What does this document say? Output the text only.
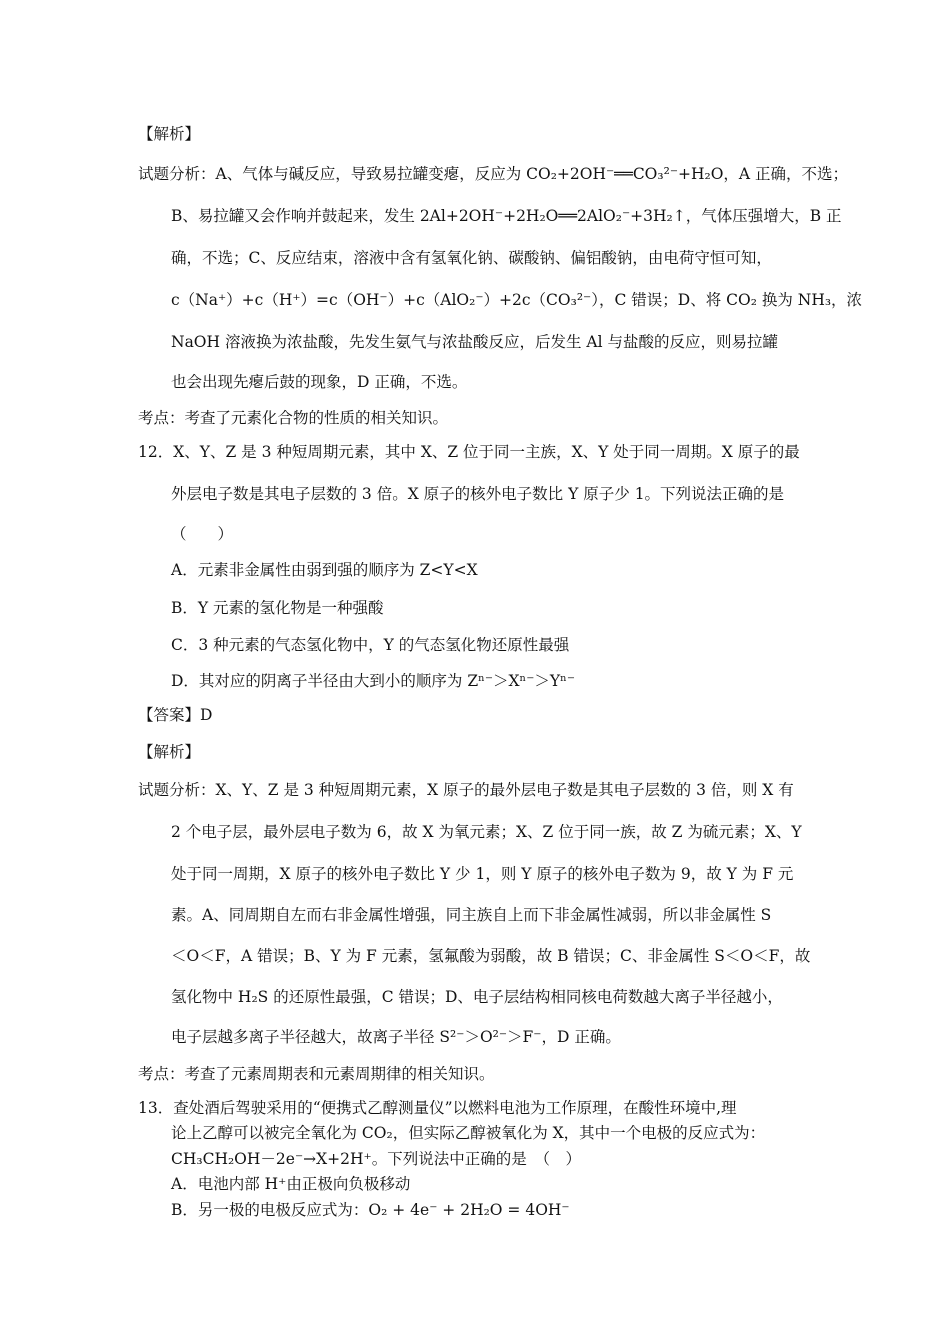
【解析】
试题分析：A、气体与碱反应，导致易拉罐变瘪，反应为 CO₂+2OH⁻══CO₃²⁻+H₂O，A 正确，不选；
B、易拉罐又会作响并鼓起来，发生 2Al+2OH⁻+2H₂O══2AlO₂⁻+3H₂↑，气体压强增大，B 正
确，不选；C、反应结束，溶液中含有氢氧化钠、碳酸钠、偏铝酸钠，由电荷守恒可知，
c（Na⁺）+c（H⁺）=c（OH⁻）+c（AlO₂⁻）+2c（CO₃²⁻），C 错误；D、将 CO₂ 换为 NH₃，浓
NaOH 溶液换为浓盐酸，先发生氨气与浓盐酸反应，后发生 Al 与盐酸的反应，则易拉罐
也会出现先瘪后鼓的现象，D 正确，不选。
考点：考查了元素化合物的性质的相关知识。
12．X、Y、Z 是 3 种短周期元素，其中 X、Z 位于同一主族，X、Y 处于同一周期。X 原子的最
外层电子数是其电子层数的 3 倍。X 原子的核外电子数比 Y 原子少 1。下列说法正确的是
（　　）
A．元素非金属性由弱到强的顺序为 Z<Y<X
B．Y 元素的氢化物是一种强酸
C．3 种元素的气态氢化物中，Y 的气态氢化物还原性最强
D．其对应的阴离子半径由大到小的顺序为 Zⁿ⁻＞Xⁿ⁻＞Yⁿ⁻
【答案】D
【解析】
试题分析：X、Y、Z 是 3 种短周期元素，X 原子的最外层电子数是其电子层数的 3 倍，则 X 有
2 个电子层，最外层电子数为 6，故 X 为氧元素；X、Z 位于同一族，故 Z 为硫元素；X、Y
处于同一周期，X 原子的核外电子数比 Y 少 1，则 Y 原子的核外电子数为 9，故 Y 为 F 元
素。A、同周期自左而右非金属性增强，同主族自上而下非金属性减弱，所以非金属性 S
＜O＜F，A 错误；B、Y 为 F 元素，氢氟酸为弱酸，故 B 错误；C、非金属性 S＜O＜F，故
氢化物中 H₂S 的还原性最强，C 错误；D、电子层结构相同核电荷数越大离子半径越小，
电子层越多离子半径越大，故离子半径 S²⁻＞O²⁻＞F⁻，D 正确。
考点：考查了元素周期表和元素周期律的相关知识。
13．查处酒后驾驶采用的“便携式乙醇测量仪”以燃料电池为工作原理，在酸性环境中,理
论上乙醇可以被完全氧化为 CO₂，但实际乙醇被氧化为 X，其中一个电极的反应式为：
CH₃CH₂OH－2e⁻→X+2H⁺。下列说法中正确的是　（　）
A．电池内部 H⁺由正极向负极移动
B．另一极的电极反应式为：O₂ + 4e⁻ + 2H₂O = 4OH⁻
